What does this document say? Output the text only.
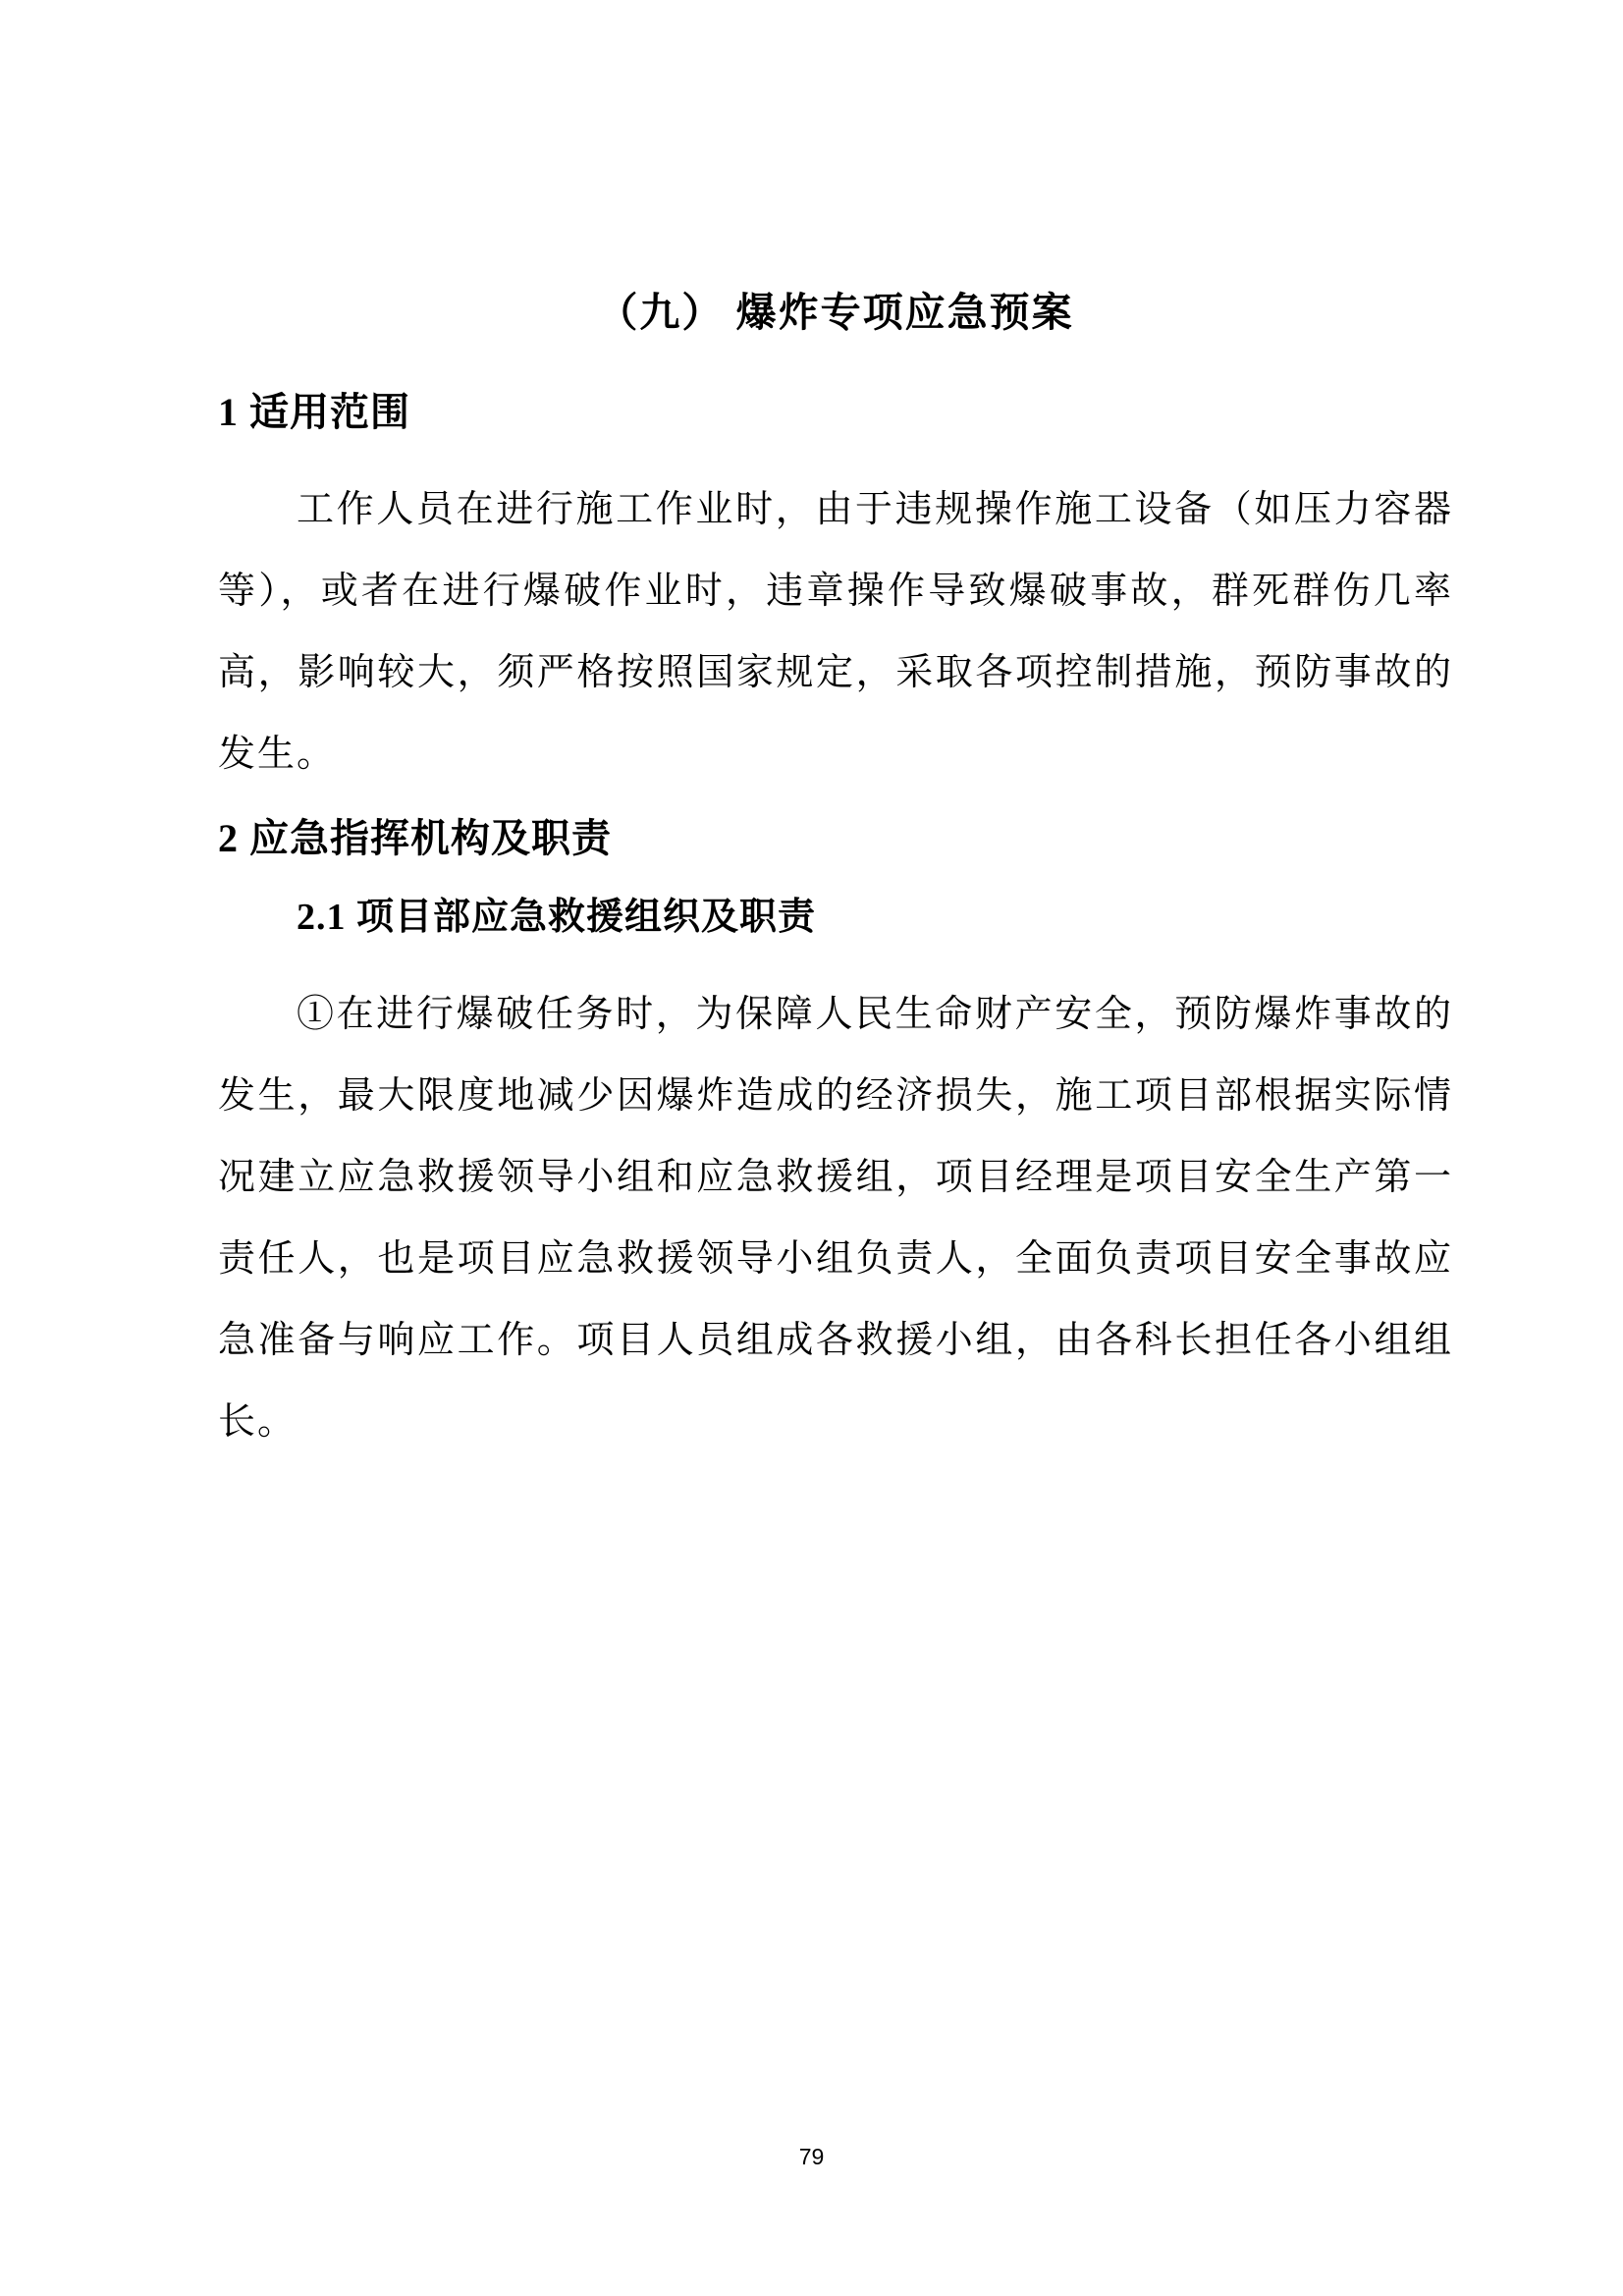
（九） 爆炸专项应急预案
1 适用范围

工作人员在进行施工作业时，由于违规操作施工设备（如压力容器等），或者在进行爆破作业时，违章操作导致爆破事故，群死群伤几率高，影响较大，须严格按照国家规定，采取各项控制措施，预防事故的发生。

2 应急指挥机构及职责
2.1 项目部应急救援组织及职责

①在进行爆破任务时，为保障人民生命财产安全，预防爆炸事故的发生，最大限度地减少因爆炸造成的经济损失，施工项目部根据实际情况建立应急救援领导小组和应急救援组，项目经理是项目安全生产第一责任人，也是项目应急救援领导小组负责人，全面负责项目安全事故应急准备与响应工作。项目人员组成各救援小组，由各科长担任各小组组长。

79
